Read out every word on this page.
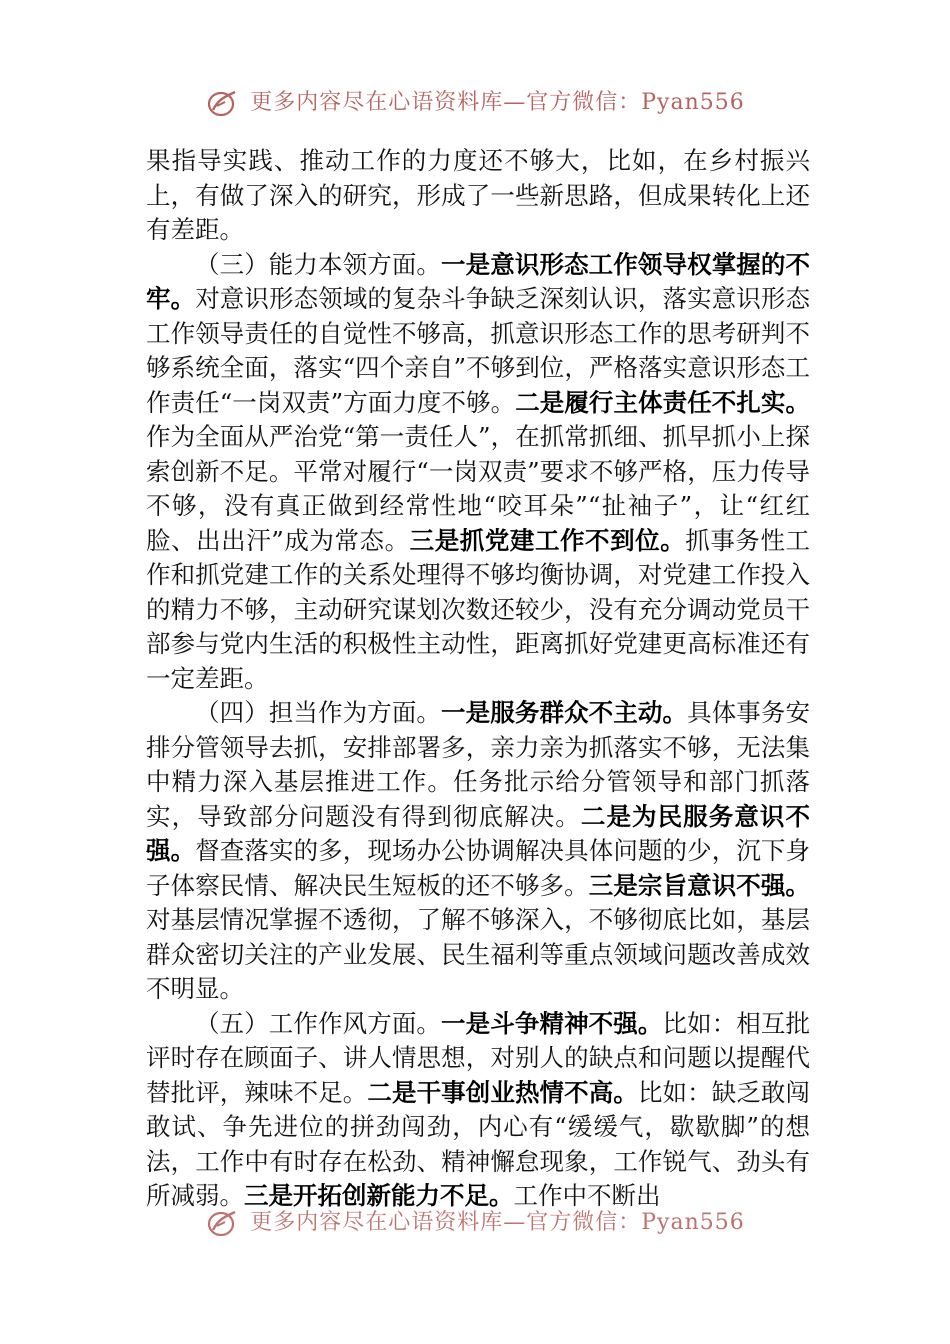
更多内容尽在心语资料库—官方微信：Pyan556

果指导实践、推动工作的力度还不够大，比如，在乡村振兴上，有做了深入的研究，形成了一些新思路，但成果转化上还有差距。

（三）能力本领方面。一是意识形态工作领导权掌握的不牢。对意识形态领域的复杂斗争缺乏深刻认识，落实意识形态工作领导责任的自觉性不够高，抓意识形态工作的思考研判不够系统全面，落实“四个亲自”不够到位，严格落实意识形态工作责任“一岗双责”方面力度不够。二是履行主体责任不扎实。作为全面从严治党“第一责任人”，在抓常抓细、抓早抓小上探索创新不足。平常对履行“一岗双责”要求不够严格，压力传导不够，没有真正做到经常性地“咬耳朵”“扯袖子”，让“红红脸、出出汗”成为常态。三是抓党建工作不到位。抓事务性工作和抓党建工作的关系处理得不够均衡协调，对党建工作投入的精力不够，主动研究谋划次数还较少，没有充分调动党员干部参与党内生活的积极性主动性，距离抓好党建更高标准还有一定差距。

（四）担当作为方面。一是服务群众不主动。具体事务安排分管领导去抓，安排部署多，亲力亲为抓落实不够，无法集中精力深入基层推进工作。任务批示给分管领导和部门抓落实，导致部分问题没有得到彻底解决。二是为民服务意识不强。督查落实的多，现场办公协调解决具体问题的少，沉下身子体察民情、解决民生短板的还不够多。三是宗旨意识不强。对基层情况掌握不透彻，了解不够深入，不够彻底比如，基层群众密切关注的产业发展、民生福利等重点领域问题改善成效不明显。

（五）工作作风方面。一是斗争精神不强。比如：相互批评时存在顾面子、讲人情思想，对别人的缺点和问题以提醒代替批评，辣味不足。二是干事创业热情不高。比如：缺乏敢闯敢试、争先进位的拼劲闯劲，内心有“缓缓气，歇歇脚”的想法，工作中有时存在松劲、精神懈怠现象，工作锐气、劲头有所减弱。三是开拓创新能力不足。工作中不断出

更多内容尽在心语资料库—官方微信：Pyan556
